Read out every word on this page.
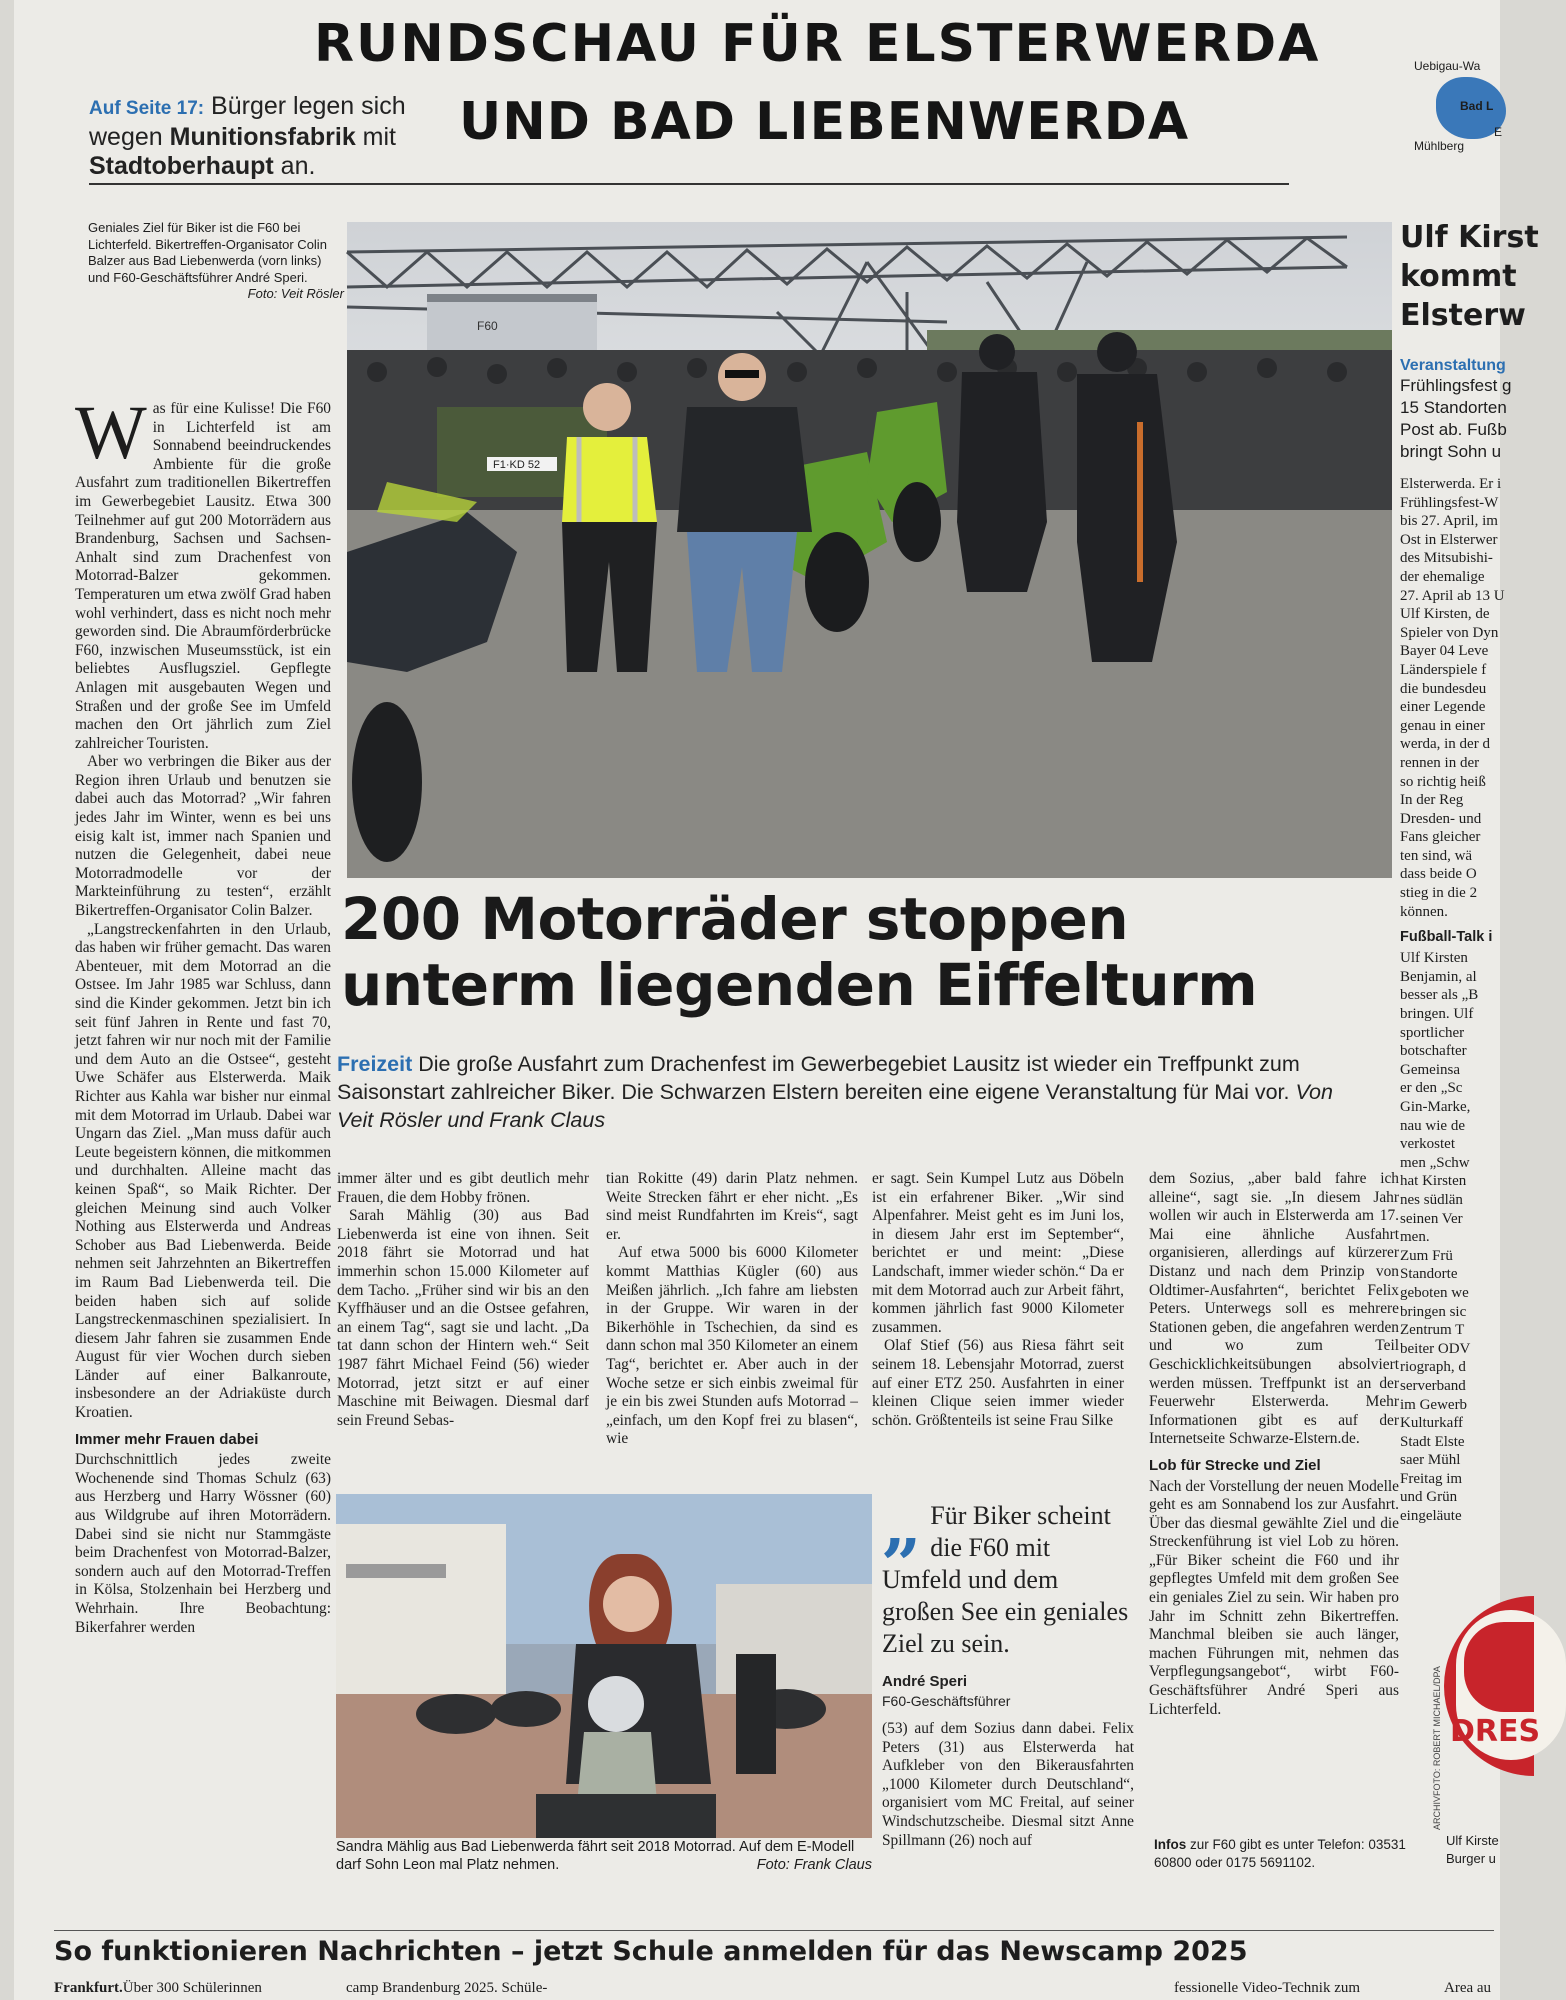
RUNDSCHAU FÜR ELSTERWERDA
UND BAD LIEBENWERDA
Auf Seite 17: Bürger legen sich wegen Munitionsfabrik mit Stadtoberhaupt an.
Uebigau-Wa
Bad L
Mühlberg
E
Geniales Ziel für Biker ist die F60 bei Lichterfeld. Bikertreffen-Organisator Colin Balzer aus Bad Liebenwerda (vorn links) und F60-Geschäftsführer André Speri.
Foto: Veit Rösler
F60
F1·KD 52

Was für eine Kulisse! Die F60 in Lichterfeld ist am Sonnabend beeindruckendes Ambiente für die große Ausfahrt zum traditionellen Bikertreffen im Gewerbegebiet Lausitz. Etwa 300 Teilnehmer auf gut 200 Motorrädern aus Brandenburg, Sachsen und Sachsen-Anhalt sind zum Drachenfest von Motorrad-Balzer gekommen. Temperaturen um etwa zwölf Grad haben wohl verhindert, dass es nicht noch mehr geworden sind. Die Abraumförderbrücke F60, inzwischen Museumsstück, ist ein beliebtes Ausflugsziel. Gepflegte Anlagen mit ausgebauten Wegen und Straßen und der große See im Umfeld machen den Ort jährlich zum Ziel zahlreicher Touristen.

Aber wo verbringen die Biker aus der Region ihren Urlaub und benutzen sie dabei auch das Motorrad? „Wir fahren jedes Jahr im Winter, wenn es bei uns eisig kalt ist, immer nach Spanien und nutzen die Gelegenheit, dabei neue Motorradmodelle vor der Markteinführung zu testen“, erzählt Bikertreffen-Organisator Colin Balzer.

„Langstreckenfahrten in den Urlaub, das haben wir früher gemacht. Das waren Abenteuer, mit dem Motorrad an die Ostsee. Im Jahr 1985 war Schluss, dann sind die Kinder gekommen. Jetzt bin ich seit fünf Jahren in Rente und fast 70, jetzt fahren wir nur noch mit der Familie und dem Auto an die Ostsee“, gesteht Uwe Schäfer aus Elsterwerda. Maik Richter aus Kahla war bisher nur einmal mit dem Motorrad im Urlaub. Dabei war Ungarn das Ziel. „Man muss dafür auch Leute begeistern können, die mitkommen und durchhalten. Alleine macht das keinen Spaß“, so Maik Richter. Der gleichen Meinung sind auch Volker Nothing aus Elsterwerda und Andreas Schober aus Bad Liebenwerda. Beide nehmen seit Jahrzehnten an Bikertreffen im Raum Bad Liebenwerda teil. Die beiden haben sich auf solide Langstreckenmaschinen spezialisiert. In diesem Jahr fahren sie zusammen Ende August für vier Wochen durch sieben Länder auf einer Balkanroute, insbesondere an der Adriaküste durch Kroatien.

Immer mehr Frauen dabei

Durchschnittlich jedes zweite Wochenende sind Thomas Schulz (63) aus Herzberg und Harry Wössner (60) aus Wildgrube auf ihren Motorrädern. Dabei sind sie nicht nur Stammgäste beim Drachenfest von Motorrad-Balzer, sondern auch auf den Motorrad-Treffen in Kölsa, Stolzenhain bei Herzberg und Wehrhain. Ihre Beobachtung: Bikerfahrer werden

200 Motorräder stoppen
unterm liegenden Eiffelturm
Freizeit Die große Ausfahrt zum Drachenfest im Gewerbegebiet Lausitz ist wieder ein Treffpunkt zum Saisonstart zahlreicher Biker. Die Schwarzen Elstern bereiten eine eigene Veranstaltung für Mai vor. Von Veit Rösler und Frank Claus

immer älter und es gibt deutlich mehr Frauen, die dem Hobby frönen.

Sarah Mählig (30) aus Bad Liebenwerda ist eine von ihnen. Seit 2018 fährt sie Motorrad und hat immerhin schon 15.000 Kilometer auf dem Tacho. „Früher sind wir bis an den Kyffhäuser und an die Ostsee gefahren, an einem Tag“, sagt sie und lacht. „Da tat dann schon der Hintern weh.“ Seit 1987 fährt Michael Feind (56) wieder Motorrad, jetzt sitzt er auf einer Maschine mit Beiwagen. Diesmal darf sein Freund Sebas-

tian Rokitte (49) darin Platz nehmen. Weite Strecken fährt er eher nicht. „Es sind meist Rundfahrten im Kreis“, sagt er.

Auf etwa 5000 bis 6000 Kilometer kommt Matthias Kügler (60) aus Meißen jährlich. „Ich fahre am liebsten in der Gruppe. Wir waren in der Bikerhöhle in Tschechien, da sind es dann schon mal 350 Kilometer an einem Tag“, berichtet er. Aber auch in der Woche setze er sich einbis zweimal für je ein bis zwei Stunden aufs Motorrad – „einfach, um den Kopf frei zu blasen“, wie

er sagt. Sein Kumpel Lutz aus Döbeln ist ein erfahrener Biker. „Wir sind Alpenfahrer. Meist geht es im Juni los, in diesem Jahr erst im September“, berichtet er und meint: „Diese Landschaft, immer wieder schön.“ Da er mit dem Motorrad auch zur Arbeit fährt, kommen jährlich fast 9000 Kilometer zusammen.

Olaf Stief (56) aus Riesa fährt seit seinem 18. Lebensjahr Motorrad, zuerst auf einer ETZ 250. Ausfahrten in einer kleinen Clique seien immer wieder schön. Größtenteils ist seine Frau Silke

(53) auf dem Sozius dann dabei. Felix Peters (31) aus Elsterwerda hat Aufkleber von den Bikerausfahrten „1000 Kilometer durch Deutschland“, organisiert vom MC Freital, auf seiner Windschutzscheibe. Diesmal sitzt Anne Spillmann (26) noch auf

dem Sozius, „aber bald fahre ich alleine“, sagt sie. „In diesem Jahr wollen wir auch in Elsterwerda am 17. Mai eine ähnliche Ausfahrt organisieren, allerdings auf kürzerer Distanz und nach dem Prinzip von Oldtimer-Ausfahrten“, berichtet Felix Peters. Unterwegs soll es mehrere Stationen geben, die angefahren werden und wo zum Teil Geschicklichkeitsübungen absolviert werden müssen. Treffpunkt ist an der Feuerwehr Elsterwerda. Mehr Informationen gibt es auf der Internetseite Schwarze-Elstern.de.

Lob für Strecke und Ziel

Nach der Vorstellung der neuen Modelle geht es am Sonnabend los zur Ausfahrt. Über das diesmal gewählte Ziel und die Streckenführung ist viel Lob zu hören. „Für Biker scheint die F60 und ihr gepflegtes Umfeld mit dem großen See ein geniales Ziel zu sein. Wir haben pro Jahr im Schnitt zehn Bikertreffen. Manchmal bleiben sie auch länger, machen Führungen mit, nehmen das Verpflegungsangebot“, wirbt F60-Geschäftsführer André Speri aus Lichterfeld.

Sandra Mählig aus Bad Liebenwerda fährt seit 2018 Motorrad. Auf dem E-Modell darf Sohn Leon mal Platz nehmen.	Foto: Frank Claus
„ Für Biker scheint die F60 mit Umfeld und dem großen See ein geniales Ziel zu sein.
André Speri
F60-Geschäftsführer
Infos zur F60 gibt es unter Telefon: 03531 60800 oder 0175 5691102.
ARCHIVFOTO: ROBERT MICHAEL/DPA
Ulf Kirst
kommt
Elsterw
Veranstaltung
Frühlingsfest g
15 Standorten
Post ab. Fußb
bringt Sohn u
Elsterwerda. Er i
Frühlingsfest-W
bis 27. April, im
Ost in Elsterwer
des Mitsubishi-
der ehemalige
27. April ab 13 U
Ulf Kirsten, de
Spieler von Dyn
Bayer 04 Leve
Länderspiele f
die bundesdeu
einer Legende
genau in einer
werda, in der d
rennen in der
so richtig heiß
In der Reg
Dresden- und
Fans gleicher
ten sind, wä
dass beide O
stieg in die 2
können.
Fußball-Talk i
Ulf Kirsten
Benjamin, al
besser als „B
bringen. Ulf
sportlicher
botschafter
Gemeinsa
er den „Sc
Gin-Marke,
nau wie de
verkostet
men „Schw
hat Kirsten
nes südlän
seinen Ver
men.
Zum Frü
Standorte
geboten we
bringen sic
Zentrum T
beiter ODV
riograph, d
serverband
im Gewerb
Kulturkaff
Stadt Elste
saer Mühl
Freitag im
und Grün
eingeläute
DRES
Ulf Kirste
Burger u
So funktionieren Nachrichten – jetzt Schule anmelden für das Newscamp 2025
Frankfurt. Über 300 Schülerinnen	camp Brandenburg 2025. Schüle-	fessionelle Video-Technik zum	Area au
